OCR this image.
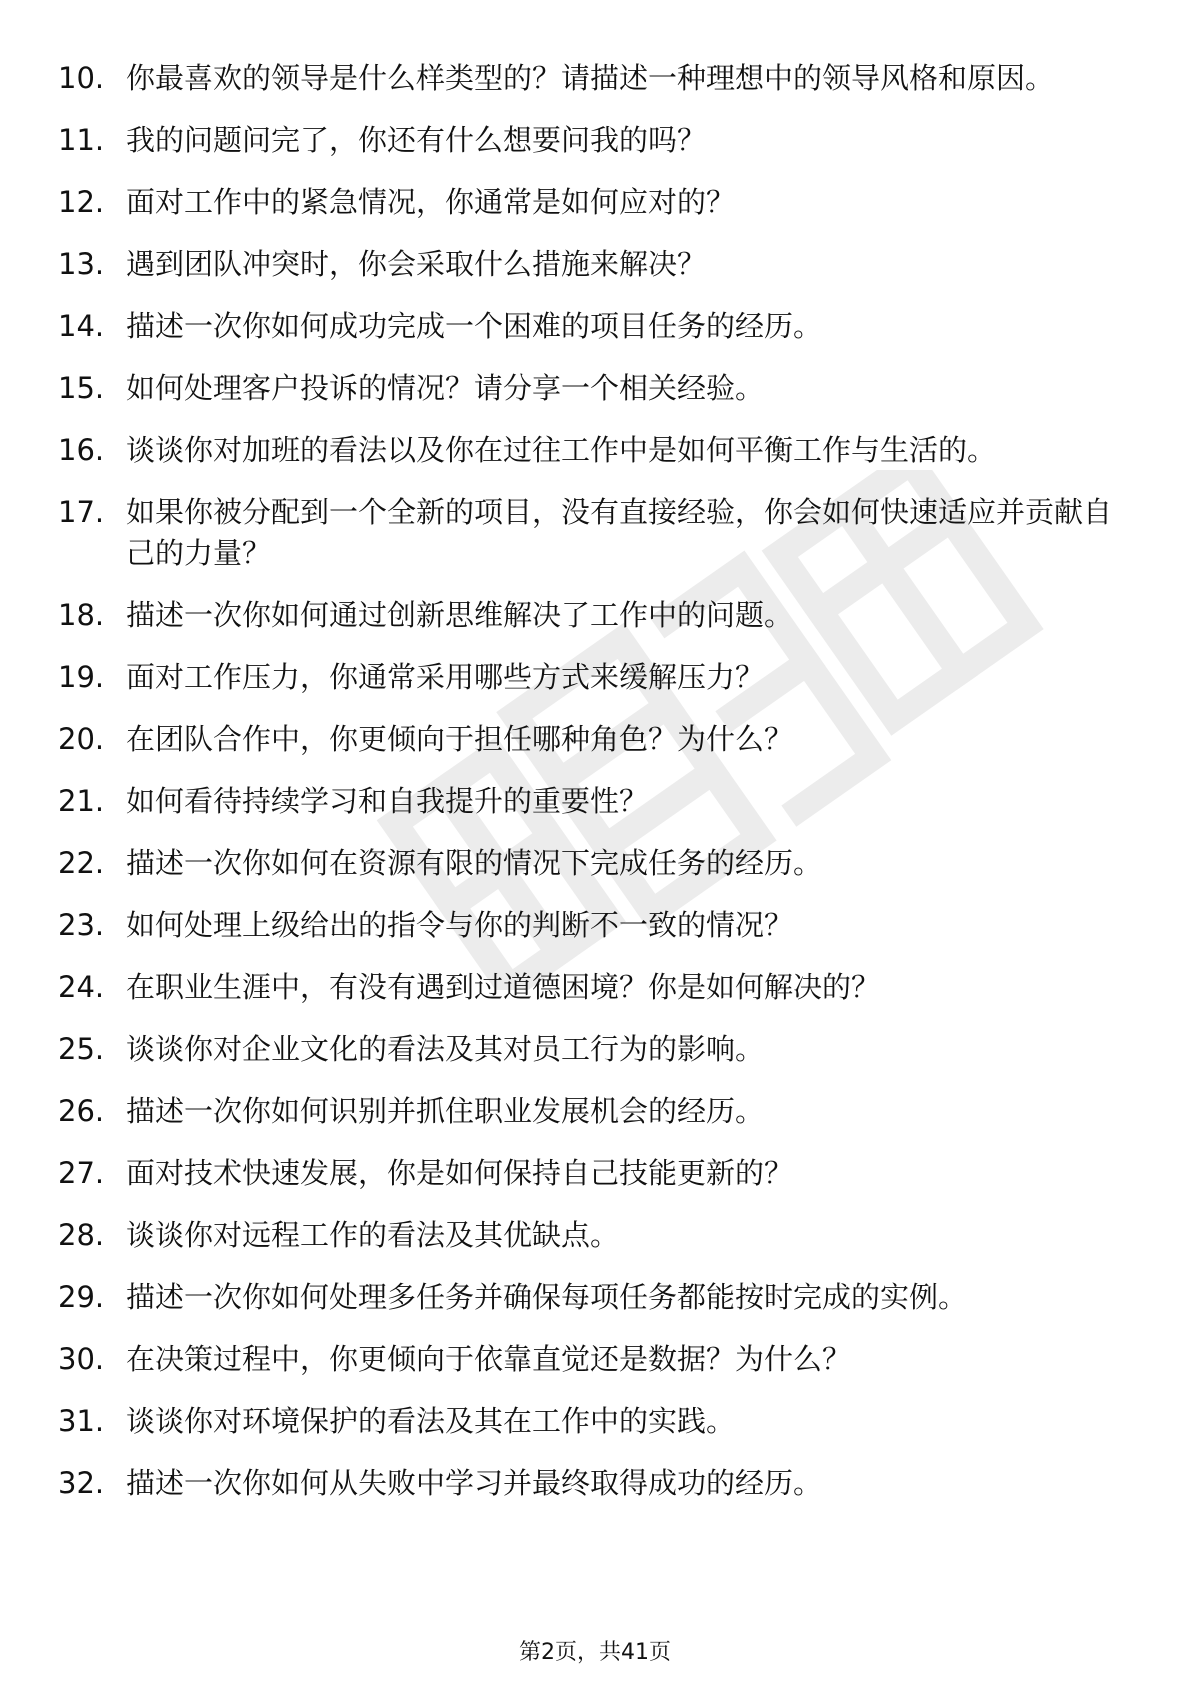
10. 你最喜欢的领导是什么样类型的？请描述一种理想中的领导风格和原因。
11. 我的问题问完了，你还有什么想要问我的吗？
12. 面对工作中的紧急情况，你通常是如何应对的？
13. 遇到团队冲突时，你会采取什么措施来解决？
14. 描述一次你如何成功完成一个困难的项目任务的经历。
15. 如何处理客户投诉的情况？请分享一个相关经验。
16. 谈谈你对加班的看法以及你在过往工作中是如何平衡工作与生活的。
17. 如果你被分配到一个全新的项目，没有直接经验，你会如何快速适应并贡献自己的力量？
18. 描述一次你如何通过创新思维解决了工作中的问题。
19. 面对工作压力，你通常采用哪些方式来缓解压力？
20. 在团队合作中，你更倾向于担任哪种角色？为什么？
21. 如何看待持续学习和自我提升的重要性？
22. 描述一次你如何在资源有限的情况下完成任务的经历。
23. 如何处理上级给出的指令与你的判断不一致的情况？
24. 在职业生涯中，有没有遇到过道德困境？你是如何解决的？
25. 谈谈你对企业文化的看法及其对员工行为的影响。
26. 描述一次你如何识别并抓住职业发展机会的经历。
27. 面对技术快速发展，你是如何保持自己技能更新的？
28. 谈谈你对远程工作的看法及其优缺点。
29. 描述一次你如何处理多任务并确保每项任务都能按时完成的实例。
30. 在决策过程中，你更倾向于依靠直觉还是数据？为什么？
31. 谈谈你对环境保护的看法及其在工作中的实践。
32. 描述一次你如何从失败中学习并最终取得成功的经历。
第2页，共41页
